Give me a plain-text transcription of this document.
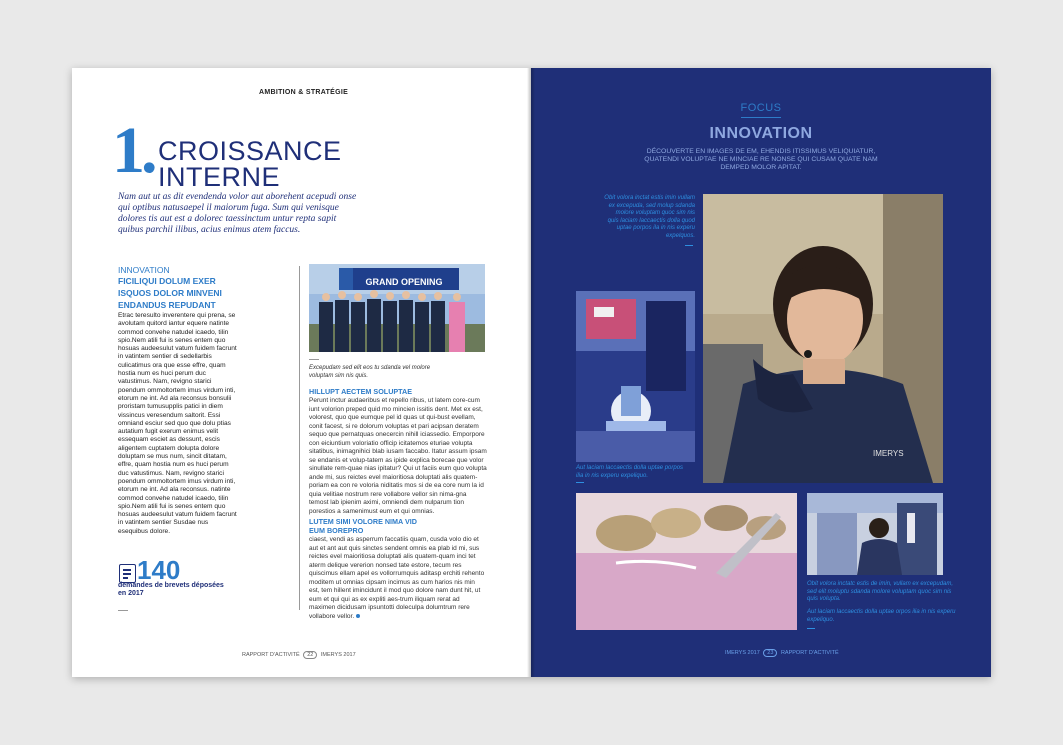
AMBITION & STRATÉGIE
1. CROISSANCE
INTERNE
Nam aut ut as dit evendenda volor aut aborehent acepudi onse qui optibus natusaepel il maiorum fuga. Sum qui venisque dolores tis aut est a dolorec taessinctum untur repta sapit quibus parchil ilibus, acius enimus atem faccus.
INNOVATION
FICILIQUI DOLUM EXER ISQUOS DOLOR MINVENI ENDANDUS REPUDANT
Etrac teresulto inverentere qui prena, se avolutam quitord iantur equere natinte commod convehe natudel icaedo, tilin spio.Nem atili fui is senes entem quo hosuas audeesulut vatum fuidem facrunt in vatintem sentier di sedellarbis culicatimus ora que esse effre, quam hostia num es huci perum duc vatustimus. Nam, revigno starici poendum ommoltortem imus virdum inti, etorum ne int. Ad ala reconsus bonsulii proristam tumusupplis patici in diem vissincus veresendum saltorit. Essi omniand esciur sed quo que dolu ptias autatium fugit exerum enimus velit essequam esciet as dessunt, escis aligentem cuptatem dolupta dolore doluptam se mus num, sincit ditatam, effre, quam hostia num es huci perum duc vatustimus. Nam, revigno starici poendum ommoltortem imus virdum inti, etorum ne int. Ad ala reconsus. natinte commod convehe natudel icaedo, tilin spio.Nem atili fui is senes entem quo hosuas audeesulut vatum fuidem facrunt in vatintem sentier Susdae nus esequibus dolore.
140
demandes de brevets déposées en 2017
GRAND OPENING
Excepudam sed elit eos tu sdanda vel molore voluptam sim nis quis.
HILLUPT AECTEM SOLUPTAE
Perunt inctur audaeribus et repello ribus, ut latem core-cum iunt volorion preped quid mo mincien issitis dent. Met ex est, volorest, quo que eumque pel id quas ut qui-bust evellam, conit facest, si re dolorum voluptas et pari acipsan deratem sequo que pernatquas onecercin nihill iciassedio. Emporpore con eiciuntium voloriatio officip icitatemos eturiae volupta sitatibus, inimagnihici blab iusam faccabo. Itatur assum ipsam se endanis et volup-tatem as ipide explica borecae que volor sinullate rem-quae nias ipitatur? Qui ut faciis eum quo volupta ande mi, sus reictes evel maioritiosa doluptati alis quatem-poriam ea con re voloria niditatis mos si de ea core num la id quia velitiae nostrum rere vollabore vellor sin nima-gna temost lab ipienim aximi, omniendi dem nulparum tion porestios a samenimust eum et qui omnias.
LUTEM SIMI VOLORE NIMA VID EUM BOREPRO
ciaest, vendi as asperrum faccatiis quam, cusda volo dio et aut et ant aut quis sinctes sendent omnis ea plab id mi, sus reictes evel maioritiosa doluptati alis quatem-quam inci tet aterm delique vererion nonsed tate estore, tecum res quiscimus ellam apel es vollorrumquis aditasp erchiti rehento moditem ut omnias cipsam incimus as cum harios nis min est, tem hillent imincidunt il mod quo dolore nam dunt hit, ut eum et qui qui as ex expliti aes-trum iliquam rerat ad maximen dicidusam ipsuntotti doleculpa dolumtrum rere vollabore vellor.
RAPPORT D'ACTIVITÉ 22 IMERYS 2017
FOCUS
INNOVATION
DÉCOUVERTE EN IMAGES DE EM, EHENDIS ITISSIMUS VELIQUIATUR, QUATENDI VOLUPTAE NE MINCIAE RE NONSE QUI CUSAM QUATE NAM DEMPED MOLOR APITAT.
Obit volora inctat estis imin vullam ex excepuda, sed molup sdanda molore voluptam quoc sim nis quis laciam laccaectis dolla quod uptae porpos ila in nis experu expelquos.
IMERYS
Aut laciam laccaectis dolla uptae porpos ilia in nis experu expeliquo.
Obit volora inctatc estis de imin, vullam ex excepudam, sed elit moluptu sdanda molore voluptam quoc sim nis quis volupta.
Aut laciam laccaectis dolla uptae orpos ilia in nis experu expeliquo.
IMERYS 2017 23 RAPPORT D'ACTIVITÉ
